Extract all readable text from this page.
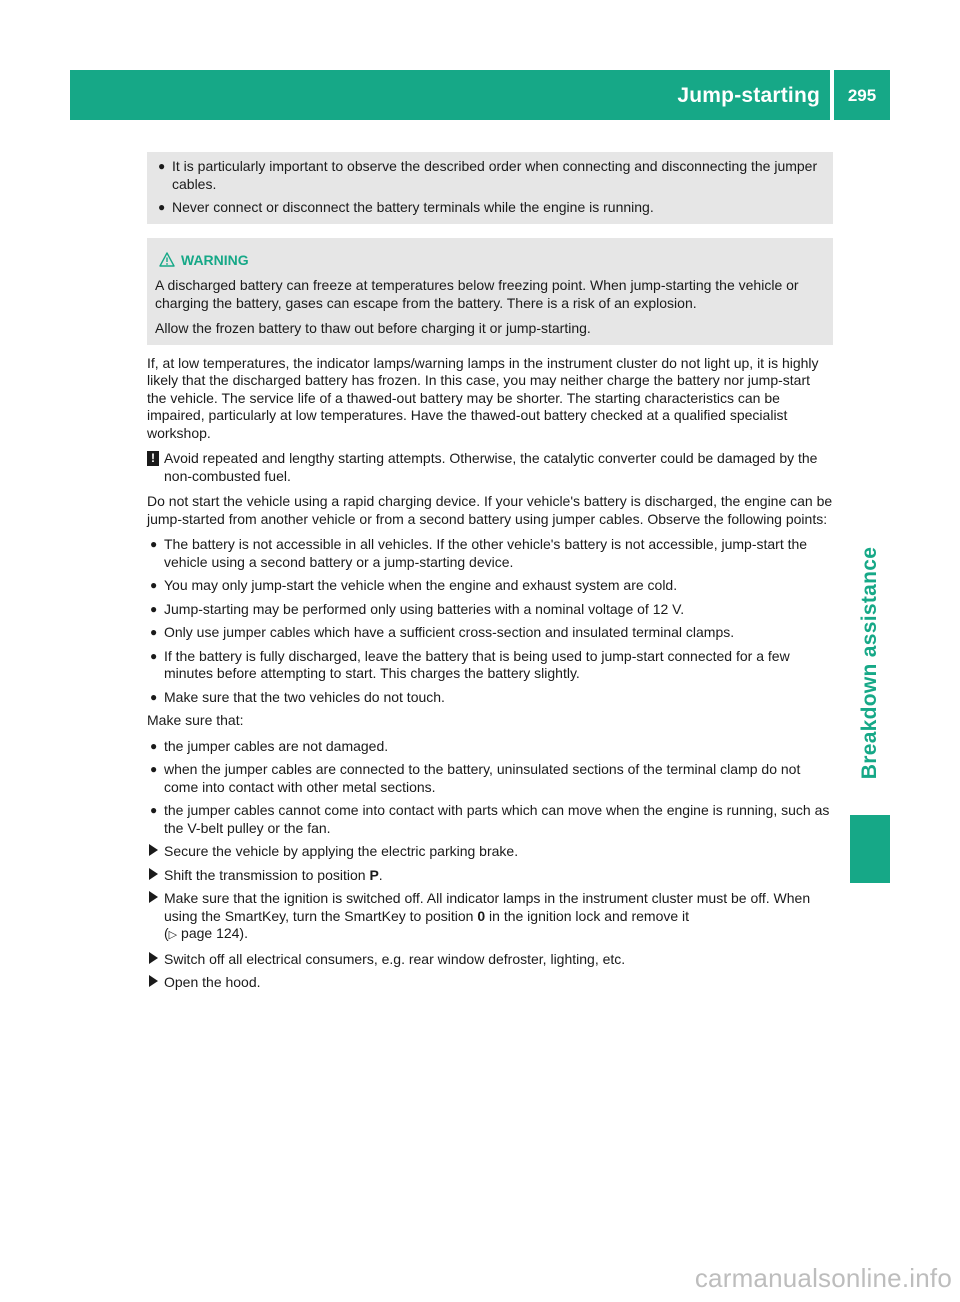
Jump-starting	295
Breakdown assistance
● It is particularly important to observe the described order when connecting and disconnecting the jumper cables.
● Never connect or disconnect the battery terminals while the engine is running.
WARNING
A discharged battery can freeze at temperatures below freezing point. When jump-starting the vehicle or charging the battery, gases can escape from the battery. There is a risk of an explosion.
Allow the frozen battery to thaw out before charging it or jump-starting.
If, at low temperatures, the indicator lamps/warning lamps in the instrument cluster do not light up, it is highly likely that the discharged battery has frozen. In this case, you may neither charge the battery nor jump-start the vehicle. The service life of a thawed-out battery may be shorter. The starting characteristics can be impaired, particularly at low temperatures. Have the thawed-out battery checked at a qualified specialist workshop.
! Avoid repeated and lengthy starting attempts. Otherwise, the catalytic converter could be damaged by the non-combusted fuel.
Do not start the vehicle using a rapid charging device. If your vehicle's battery is discharged, the engine can be jump-started from another vehicle or from a second battery using jumper cables. Observe the following points:
● The battery is not accessible in all vehicles. If the other vehicle's battery is not accessible, jump-start the vehicle using a second battery or a jump-starting device.
● You may only jump-start the vehicle when the engine and exhaust system are cold.
● Jump-starting may be performed only using batteries with a nominal voltage of 12 V.
● Only use jumper cables which have a sufficient cross-section and insulated terminal clamps.
● If the battery is fully discharged, leave the battery that is being used to jump-start connected for a few minutes before attempting to start. This charges the battery slightly.
● Make sure that the two vehicles do not touch.
Make sure that:
● the jumper cables are not damaged.
● when the jumper cables are connected to the battery, uninsulated sections of the terminal clamp do not come into contact with other metal sections.
● the jumper cables cannot come into contact with parts which can move when the engine is running, such as the V-belt pulley or the fan.
Secure the vehicle by applying the electric parking brake.
Shift the transmission to position P.
Make sure that the ignition is switched off. All indicator lamps in the instrument cluster must be off. When using the SmartKey, turn the SmartKey to position 0 in the ignition lock and remove it
(▷ page 124).
Switch off all electrical consumers, e.g. rear window defroster, lighting, etc.
Open the hood.
carmanualsonline.info
